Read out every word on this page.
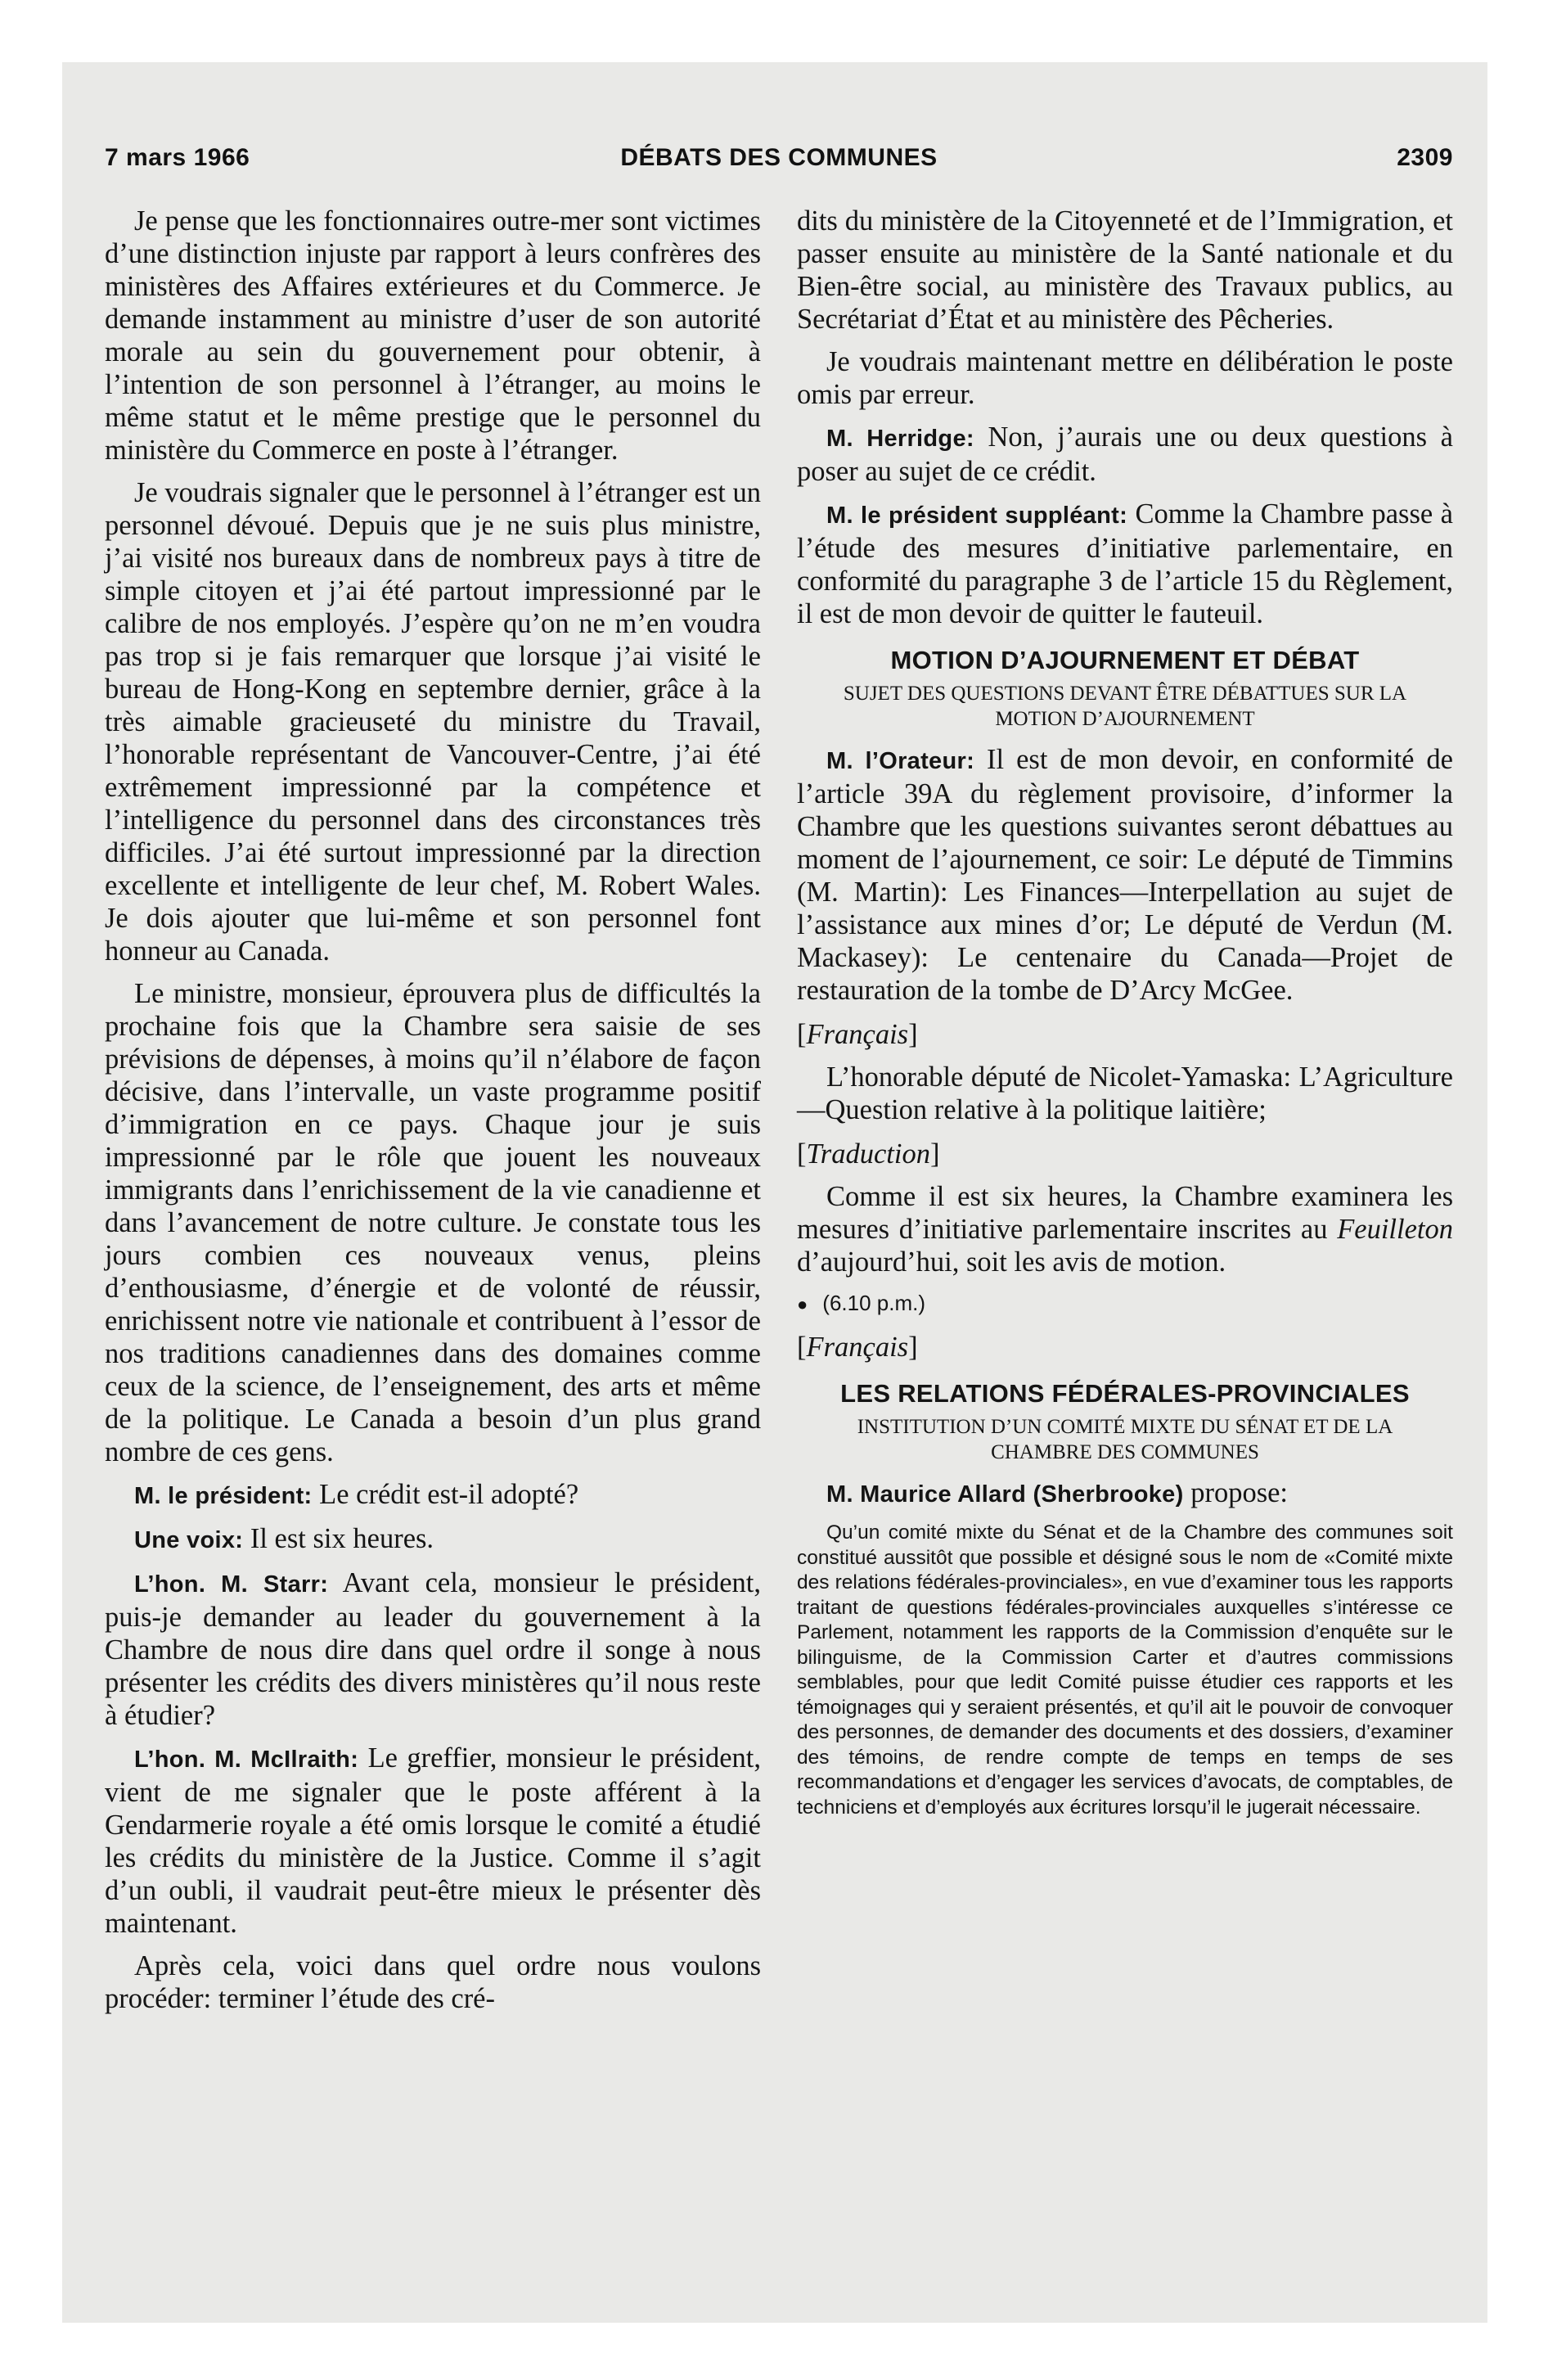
7 mars 1966	DÉBATS DES COMMUNES	2309

Je pense que les fonctionnaires outre-mer sont victimes d’une distinction injuste par rapport à leurs confrères des ministères des Affaires extérieures et du Commerce. Je demande instamment au ministre d’user de son autorité morale au sein du gouvernement pour obtenir, à l’intention de son personnel à l’étranger, au moins le même statut et le même prestige que le personnel du ministère du Commerce en poste à l’étranger.

Je voudrais signaler que le personnel à l’étranger est un personnel dévoué. Depuis que je ne suis plus ministre, j’ai visité nos bureaux dans de nombreux pays à titre de simple citoyen et j’ai été partout impressionné par le calibre de nos employés. J’espère qu’on ne m’en voudra pas trop si je fais remarquer que lorsque j’ai visité le bureau de Hong-Kong en septembre dernier, grâce à la très aimable gracieuseté du ministre du Travail, l’honorable représentant de Vancouver-Centre, j’ai été extrêmement impressionné par la compétence et l’intelligence du personnel dans des circonstances très difficiles. J’ai été surtout impressionné par la direction excellente et intelligente de leur chef, M. Robert Wales. Je dois ajouter que lui-même et son personnel font honneur au Canada.

Le ministre, monsieur, éprouvera plus de difficultés la prochaine fois que la Chambre sera saisie de ses prévisions de dépenses, à moins qu’il n’élabore de façon décisive, dans l’intervalle, un vaste programme positif d’immigration en ce pays. Chaque jour je suis impressionné par le rôle que jouent les nouveaux immigrants dans l’enrichissement de la vie canadienne et dans l’avancement de notre culture. Je constate tous les jours combien ces nouveaux venus, pleins d’enthousiasme, d’énergie et de volonté de réussir, enrichissent notre vie nationale et contribuent à l’essor de nos traditions canadiennes dans des domaines comme ceux de la science, de l’enseignement, des arts et même de la politique. Le Canada a besoin d’un plus grand nombre de ces gens.

M. le président: Le crédit est-il adopté?

Une voix: Il est six heures.

L’hon. M. Starr: Avant cela, monsieur le président, puis-je demander au leader du gouvernement à la Chambre de nous dire dans quel ordre il songe à nous présenter les crédits des divers ministères qu’il nous reste à étudier?

L’hon. M. McIlraith: Le greffier, monsieur le président, vient de me signaler que le poste afférent à la Gendarmerie royale a été omis lorsque le comité a étudié les crédits du ministère de la Justice. Comme il s’agit d’un oubli, il vaudrait peut-être mieux le présenter dès maintenant.

Après cela, voici dans quel ordre nous voulons procéder: terminer l’étude des cré-

dits du ministère de la Citoyenneté et de l’Immigration, et passer ensuite au ministère de la Santé nationale et du Bien-être social, au ministère des Travaux publics, au Secrétariat d’État et au ministère des Pêcheries.

Je voudrais maintenant mettre en délibération le poste omis par erreur.

M. Herridge: Non, j’aurais une ou deux questions à poser au sujet de ce crédit.

M. le président suppléant: Comme la Chambre passe à l’étude des mesures d’initiative parlementaire, en conformité du paragraphe 3 de l’article 15 du Règlement, il est de mon devoir de quitter le fauteuil.

MOTION D’AJOURNEMENT ET DÉBAT
SUJET DES QUESTIONS DEVANT ÊTRE DÉBATTUES SUR LA MOTION D’AJOURNEMENT

M. l’Orateur: Il est de mon devoir, en conformité de l’article 39A du règlement provisoire, d’informer la Chambre que les questions suivantes seront débattues au moment de l’ajournement, ce soir: Le député de Timmins (M. Martin): Les Finances—Interpellation au sujet de l’assistance aux mines d’or; Le député de Verdun (M. Mackasey): Le centenaire du Canada—Projet de restauration de la tombe de D’Arcy McGee.

[Français]

L’honorable député de Nicolet-Yamaska: L’Agriculture—Question relative à la politique laitière;

[Traduction]

Comme il est six heures, la Chambre examinera les mesures d’initiative parlementaire inscrites au Feuilleton d’aujourd’hui, soit les avis de motion.

● (6.10 p.m.)
[Français]
LES RELATIONS FÉDÉRALES-PROVINCIALES
INSTITUTION D’UN COMITÉ MIXTE DU SÉNAT ET DE LA CHAMBRE DES COMMUNES

M. Maurice Allard (Sherbrooke) propose:

Qu’un comité mixte du Sénat et de la Chambre des communes soit constitué aussitôt que possible et désigné sous le nom de «Comité mixte des relations fédérales-provinciales», en vue d’examiner tous les rapports traitant de questions fédérales-provinciales auxquelles s’intéresse ce Parlement, notamment les rapports de la Commission d’enquête sur le bilinguisme, de la Commission Carter et d’autres commissions semblables, pour que ledit Comité puisse étudier ces rapports et les témoignages qui y seraient présentés, et qu’il ait le pouvoir de convoquer des personnes, de demander des documents et des dossiers, d’examiner des témoins, de rendre compte de temps en temps de ses recommandations et d’engager les services d’avocats, de comptables, de techniciens et d’employés aux écritures lorsqu’il le jugerait nécessaire.
